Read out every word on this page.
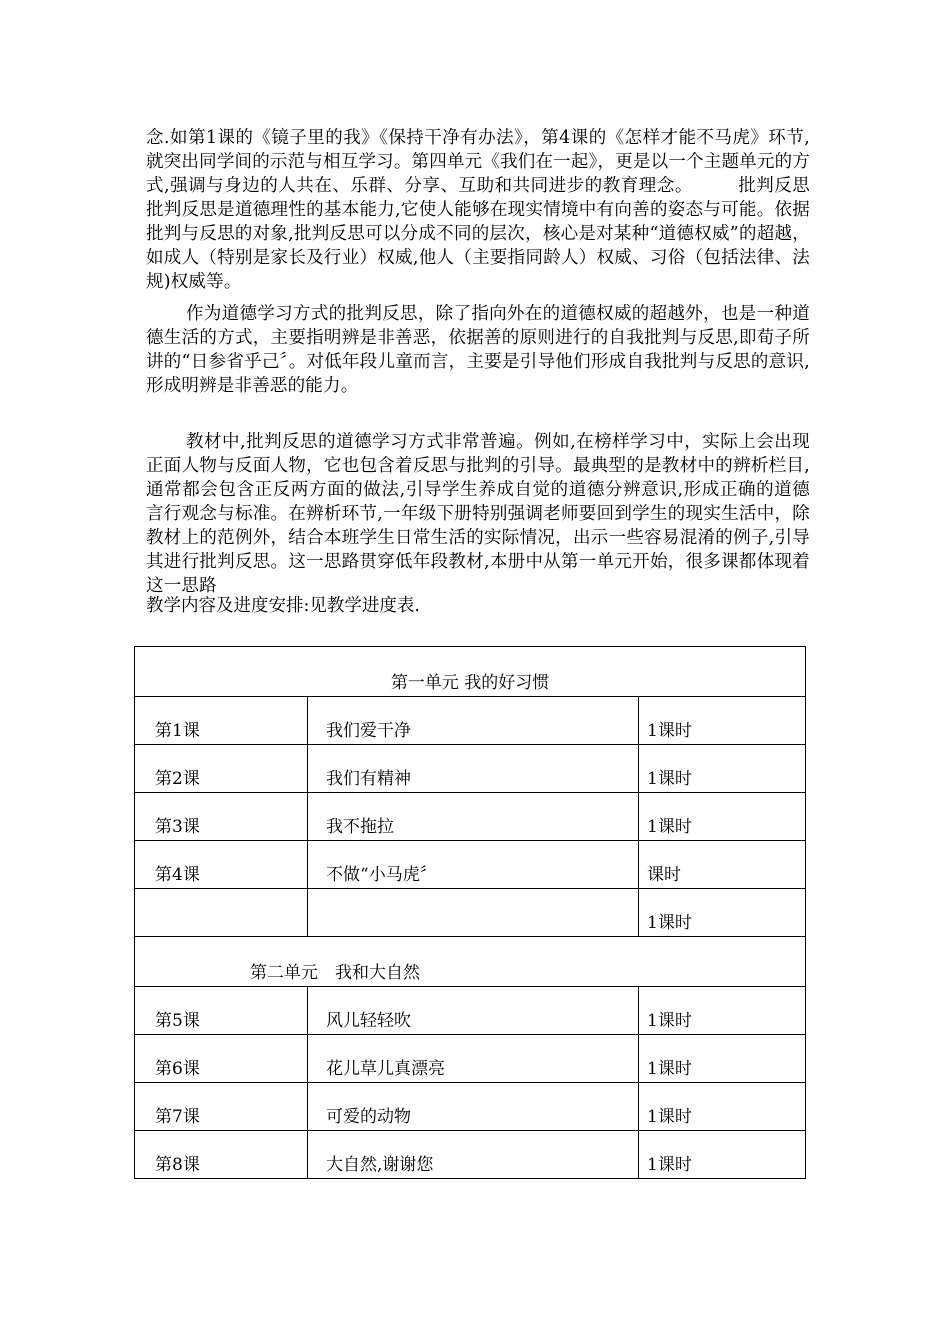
念.如第1课的《镜子里的我》《保持干净有办法》，第4课的《怎样才能不马虎》环节,就突出同学间的示范与相互学习。第四单元《我们在一起》，更是以一个主题单元的方式,强调与身边的人共在、乐群、分享、互助和共同进步的教育理念。　　　批判反思批判反思是道德理性的基本能力,它使人能够在现实情境中有向善的姿态与可能。依据批判与反思的对象,批判反思可以分成不同的层次，核心是对某种“道德权威”的超越，如成人（特别是家长及行业）权威,他人（主要指同龄人）权威、习俗（包括法律、法规)权威等。

作为道德学习方式的批判反思，除了指向外在的道德权威的超越外，也是一种道德生活的方式，主要指明辨是非善恶，依据善的原则进行的自我批判与反思,即荀子所讲的“日参省乎己〞。对低年段儿童而言，主要是引导他们形成自我批判与反思的意识,形成明辨是非善恶的能力。

教材中,批判反思的道德学习方式非常普遍。例如,在榜样学习中，实际上会出现正面人物与反面人物，它也包含着反思与批判的引导。最典型的是教材中的辨析栏目,通常都会包含正反两方面的做法,引导学生养成自觉的道德分辨意识,形成正确的道德言行观念与标准。在辨析环节,一年级下册特别强调老师要回到学生的现实生活中，除教材上的范例外，结合本班学生日常生活的实际情况，出示一些容易混淆的例子,引导其进行批判反思。这一思路贯穿低年段教材,本册中从第一单元开始，很多课都体现着这一思路

教学内容及进度安排:见教学进度表.
第一单元 我的好习惯		
第1课	我们爱干净	1课时
第2课	我们有精神	1课时
第3课	我不拖拉	1课时
第4课	不做“小马虎〞	课时
		1课时
第二单元　我和大自然		
第5课	风儿轻轻吹	1课时
第6课	花儿草儿真漂亮	1课时
第7课	可爱的动物	1课时
第8课	大自然,谢谢您	1课时
